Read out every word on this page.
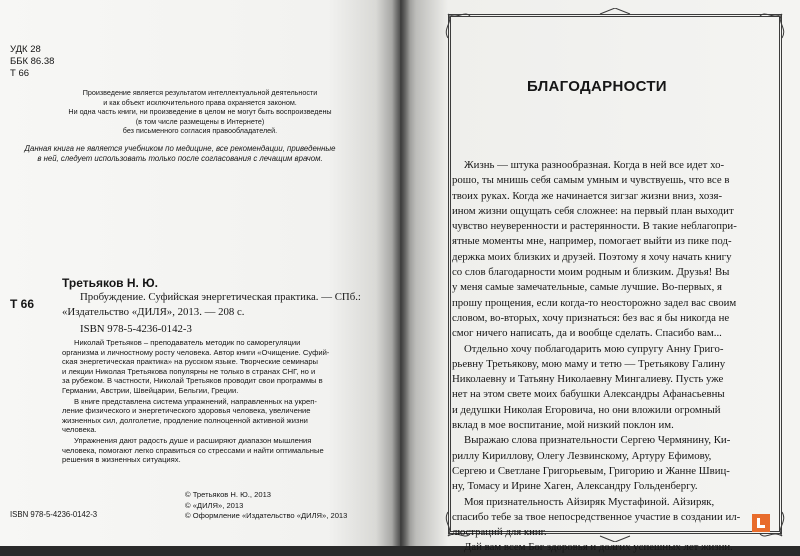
УДК 28
ББК 86.38
Т 66
Произведение является результатом интеллектуальной деятельности
и как объект исключительного права охраняется законом.
Ни одна часть книги, ни произведение в целом не могут быть воспроизведены
(в том числе размещены в Интернете)
без письменного согласия правообладателей.
Данная книга не является учебником по медицине, все рекомендации, приведенные
в ней, следует использовать только после согласования с лечащим врачом.
Третьяков Н. Ю.
Т 66	Пробуждение. Суфийская энергетическая практика. — СПб.: «Издательство «ДИЛЯ», 2013. — 208 с.
ISBN 978-5-4236-0142-3

Николай Третьяков – преподаватель методик по саморегуляции
организма и личностному росту человека. Автор книги «Очищение. Суфий-
ская энергетическая практика» на русском языке. Творческие семинары
и лекции Николая Третьякова популярны не только в странах СНГ, но и
за рубежом. В частности, Николай Третьяков проводит свои программы в
Германии, Австрии, Швейцарии, Бельгии, Греции.

В книге представлена система упражнений, направленных на укреп-
ление физического и энергетического здоровья человека, увеличение
жизненных сил, долголетие, продление полноценной активной жизни
человека.

Упражнения дают радость душе и расширяют диапазон мышления
человека, помогают легко справиться со стрессами и найти оптимальные
решения в жизненных ситуациях.

ISBN 978-5-4236-0142-3
© Третьяков Н. Ю., 2013
© «ДИЛЯ», 2013
© Оформление «Издательство «ДИЛЯ», 2013
БЛАГОДАРНОСТИ

Жизнь — штука разнообразная. Когда в ней все идет хо-
рошо, ты мнишь себя самым умным и чувствуешь, что все в
твоих руках. Когда же начинается зигзаг жизни вниз, хозя-
ином жизни ощущать себя сложнее: на первый план выходит
чувство неуверенности и растерянности. В такие неблагопри-
ятные моменты мне, например, помогает выйти из пике под-
держка моих близких и друзей. Поэтому я хочу начать книгу
со слов благодарности моим родным и близким. Друзья! Вы
у меня самые замечательные, самые лучшие. Во-первых, я
прошу прощения, если когда-то неосторожно задел вас своим
словом, во-вторых, хочу признаться: без вас я бы никогда не
смог ничего написать, да и вообще сделать. Спасибо вам...

Отдельно хочу поблагодарить мою супругу Анну Григо-
рьевну Третьякову, мою маму и тетю — Третьякову Галину
Николаевну и Татьяну Николаевну Мингалиеву. Пусть уже
нет на этом свете моих бабушки Александры Афанасьевны
и дедушки Николая Егоровича, но они вложили огромный
вклад в мое воспитание, мой низкий поклон им.

Выражаю слова признательности Сергею Чермянину, Ки-
риллу Кириллову, Олегу Лезвинскому, Артуру Ефимову,
Сергею и Светлане Григорьевым, Григорию и Жанне Швиц-
ну, Томасу и Ирине Хаген, Александру Гольденбергу.

Моя признательность Айзиряк Мустафиной. Айзиряк,
спасибо тебе за твое непосредственное участие в создании ил-
люстраций для книг.

Дай вам всем Бог здоровья и долгих успешных лет жизни.
